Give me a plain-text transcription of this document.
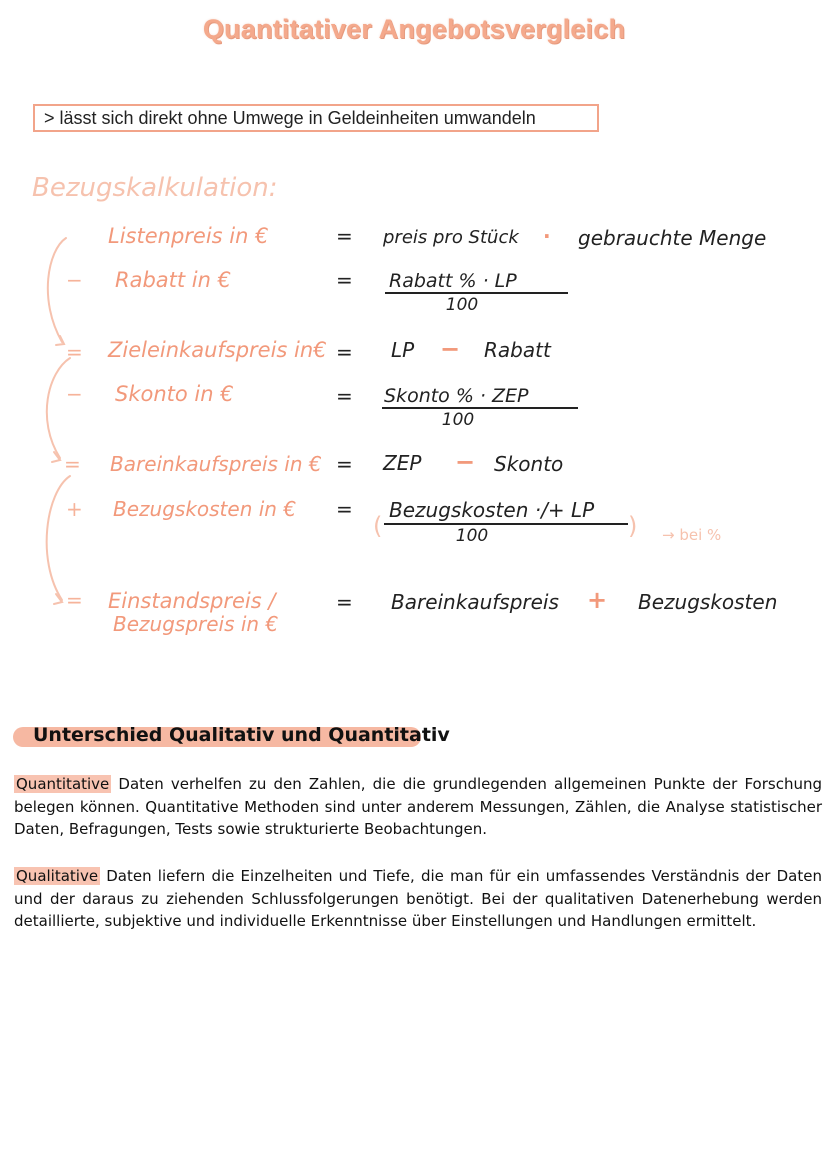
Quantitativer Angebotsvergleich
> lässt sich direkt ohne Umwege in Geldeinheiten umwandeln
Bezugskalkulation:
Listenpreis in €	= preis pro Stück · gebrauchte Menge
− Rabatt in €	= Rabatt % · LP
100
= Zieleinkaufspreis in€ = LP − Rabatt
− Skonto in €	= Skonto % · ZEP
100
= Bareinkaufspreis in € = ZEP − Skonto
+ Bezugskosten in € =
(
Bezugskosten ·/+ LP
100	) → bei %
= Einstandspreis /
Bezugspreis in €
= Bareinkaufspreis + Bezugskosten
Unterschied Qualitativ und Quantitativ
Quantitative Daten verhelfen zu den Zahlen, die die grundlegenden allgemeinen Punkte der Forschung belegen können. Quantitative Methoden sind unter anderem Messungen, Zählen, die Analyse statistischer Daten, Befragungen, Tests sowie strukturierte Beobachtungen.
Qualitative Daten liefern die Einzelheiten und Tiefe, die man für ein umfassendes Verständnis der Daten und der daraus zu ziehenden Schlussfolgerungen benötigt. Bei der qualitativen Datenerhebung werden detaillierte, subjektive und individuelle Erkenntnisse über Einstellungen und Handlungen ermittelt.
